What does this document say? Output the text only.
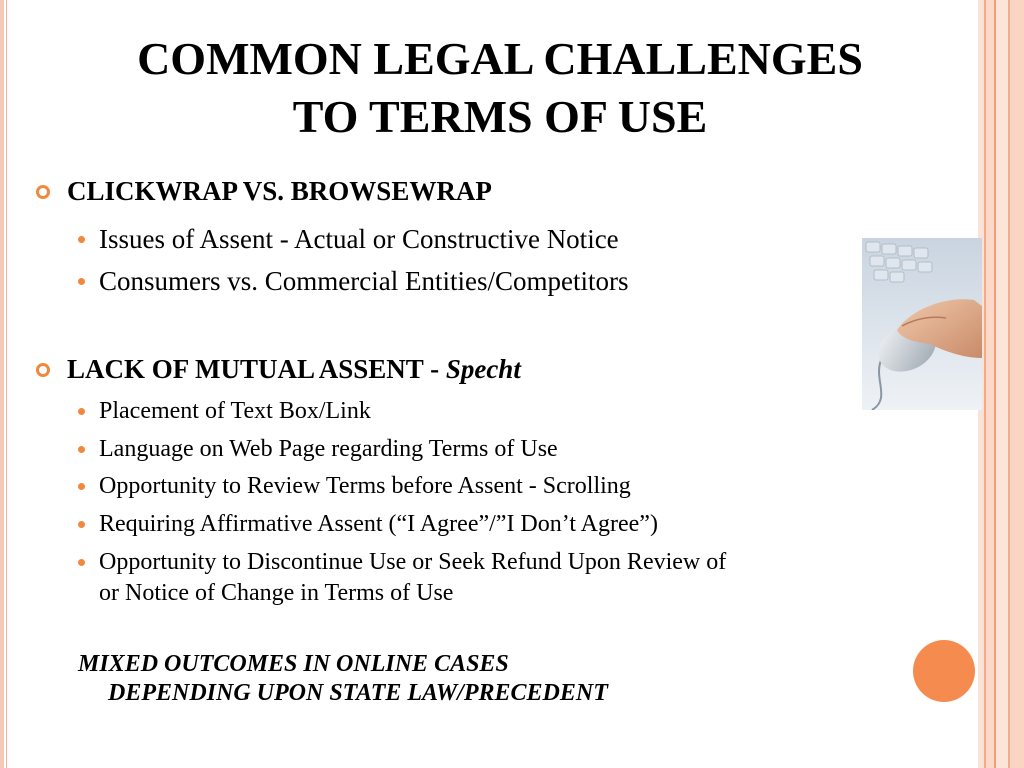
COMMON LEGAL CHALLENGES
TO TERMS OF USE
CLICKWRAP VS. BROWSEWRAP
Issues of Assent - Actual or Constructive Notice
Consumers vs. Commercial Entities/Competitors
LACK OF MUTUAL ASSENT - Specht
Placement of Text Box/Link
Language on Web Page regarding Terms of Use
Opportunity to Review Terms before Assent - Scrolling
Requiring Affirmative Assent (“I Agree”/”I Don’t Agree”)
Opportunity to Discontinue Use or Seek Refund Upon Review of
or Notice of Change in Terms of Use
MIXED OUTCOMES IN ONLINE CASES
DEPENDING UPON STATE LAW/PRECEDENT
